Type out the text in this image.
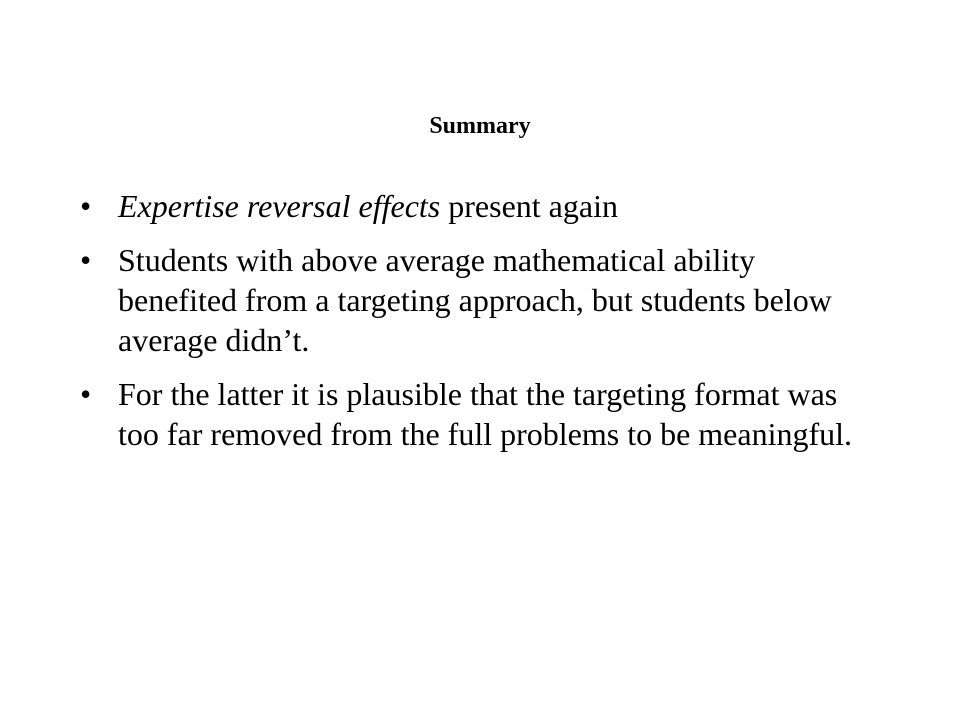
Summary
• Expertise reversal effects present again
• Students with above average mathematical ability benefited from a targeting approach, but students below average didn’t.
• For the latter it is plausible that the targeting format was too far removed from the full problems to be meaningful.
